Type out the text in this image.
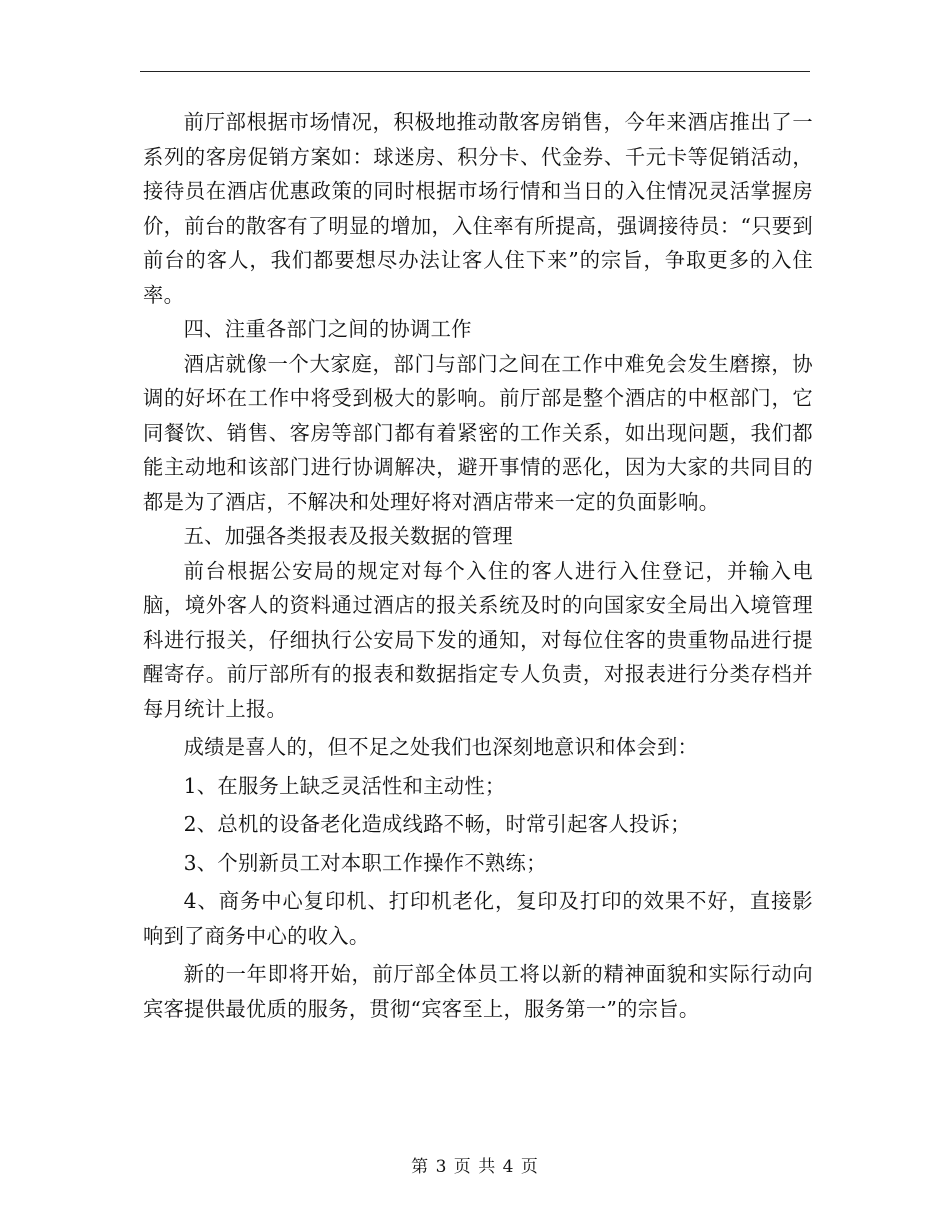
前厅部根据市场情况，积极地推动散客房销售，今年来酒店推出了一系列的客房促销方案如：球迷房、积分卡、代金券、千元卡等促销活动，接待员在酒店优惠政策的同时根据市场行情和当日的入住情况灵活掌握房价，前台的散客有了明显的增加，入住率有所提高，强调接待员：“只要到前台的客人，我们都要想尽办法让客人住下来”的宗旨，争取更多的入住率。

四、注重各部门之间的协调工作

酒店就像一个大家庭，部门与部门之间在工作中难免会发生磨擦，协调的好坏在工作中将受到极大的影响。前厅部是整个酒店的中枢部门，它同餐饮、销售、客房等部门都有着紧密的工作关系，如出现问题，我们都能主动地和该部门进行协调解决，避开事情的恶化，因为大家的共同目的都是为了酒店，不解决和处理好将对酒店带来一定的负面影响。

五、加强各类报表及报关数据的管理

前台根据公安局的规定对每个入住的客人进行入住登记，并输入电脑，境外客人的资料通过酒店的报关系统及时的向国家安全局出入境管理科进行报关，仔细执行公安局下发的通知，对每位住客的贵重物品进行提醒寄存。前厅部所有的报表和数据指定专人负责，对报表进行分类存档并每月统计上报。

成绩是喜人的，但不足之处我们也深刻地意识和体会到：

1、在服务上缺乏灵活性和主动性；

2、总机的设备老化造成线路不畅，时常引起客人投诉；

3、个别新员工对本职工作操作不熟练；

4、商务中心复印机、打印机老化，复印及打印的效果不好，直接影响到了商务中心的收入。

新的一年即将开始，前厅部全体员工将以新的精神面貌和实际行动向宾客提供最优质的服务，贯彻“宾客至上，服务第一”的宗旨。

第 3 页 共 4 页
